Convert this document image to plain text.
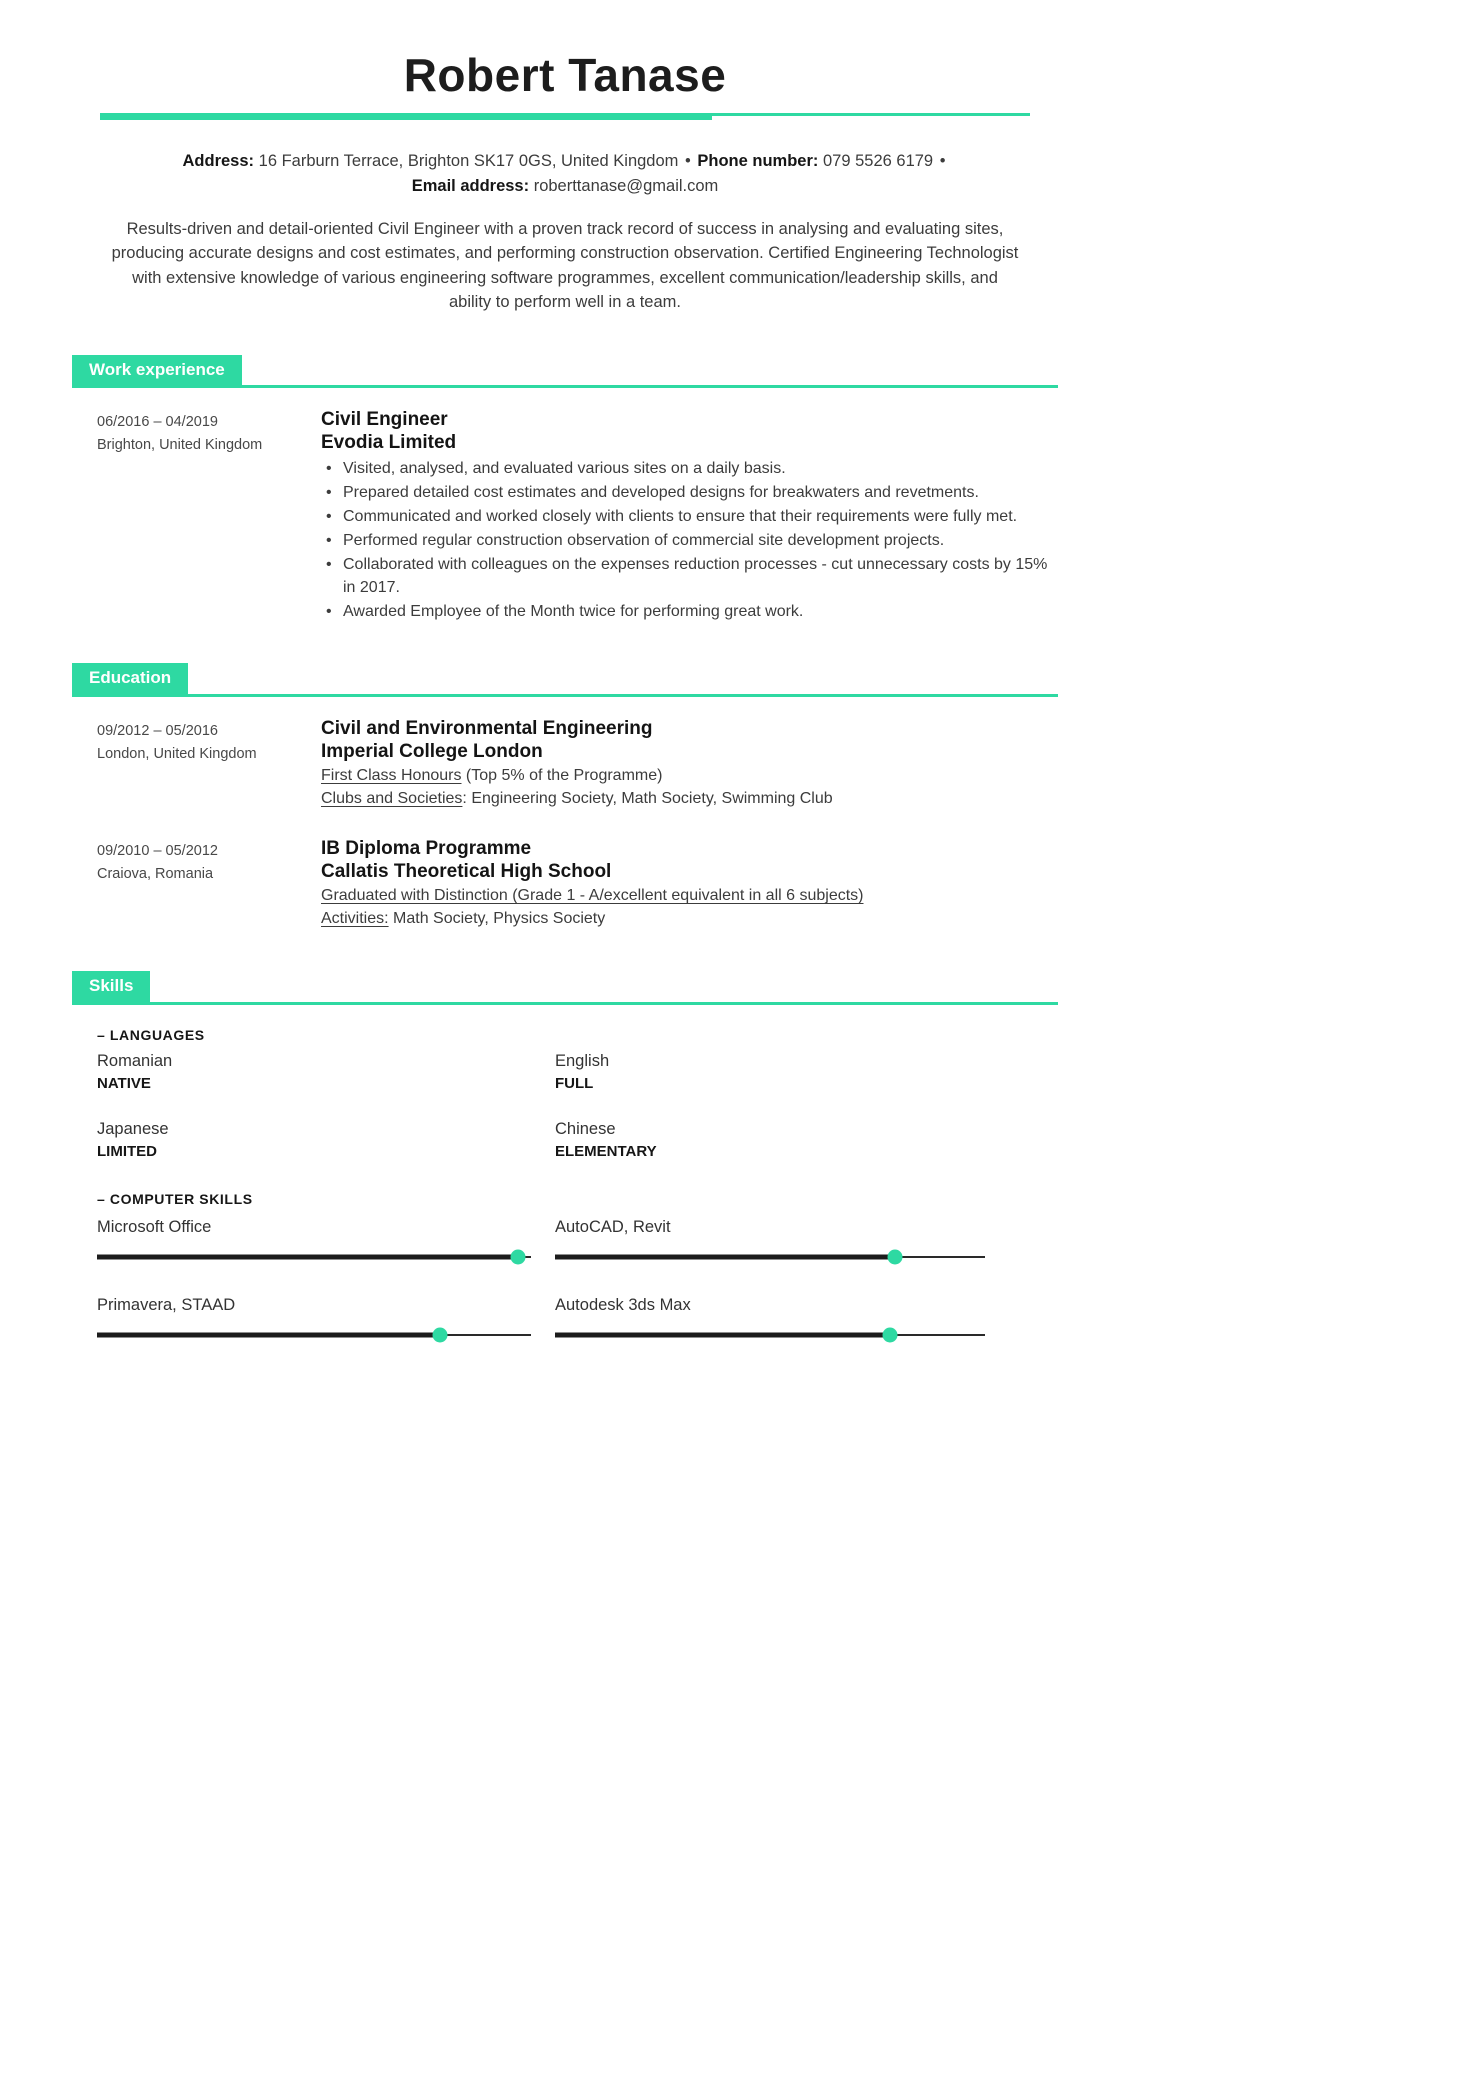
Robert Tanase

Address: 16 Farburn Terrace, Brighton SK17 0GS, United Kingdom • Phone number: 079 5526 6179 •
Email address: roberttanase@gmail.com

Results-driven and detail-oriented Civil Engineer with a proven track record of success in analysing and evaluating sites, producing accurate designs and cost estimates, and performing construction observation. Certified Engineering Technologist with extensive knowledge of various engineering software programmes, excellent communication/leadership skills, and ability to perform well in a team.

Work experience
06/2016 – 04/2019
Brighton, United Kingdom
Civil Engineer
Evodia Limited
• Visited, analysed, and evaluated various sites on a daily basis.
• Prepared detailed cost estimates and developed designs for breakwaters and revetments.
• Communicated and worked closely with clients to ensure that their requirements were fully met.
• Performed regular construction observation of commercial site development projects.
• Collaborated with colleagues on the expenses reduction processes - cut unnecessary costs by 15% in 2017.
• Awarded Employee of the Month twice for performing great work.
Education
09/2012 – 05/2016
London, United Kingdom
Civil and Environmental Engineering
Imperial College London
First Class Honours (Top 5% of the Programme)
Clubs and Societies: Engineering Society, Math Society, Swimming Club
09/2010 – 05/2012
Craiova, Romania
IB Diploma Programme
Callatis Theoretical High School
Graduated with Distinction (Grade 1 - A/excellent equivalent in all 6 subjects)
Activities: Math Society, Physics Society
Skills
– LANGUAGES
Romanian
NATIVE
English
FULL
Japanese
LIMITED
Chinese
ELEMENTARY
– COMPUTER SKILLS
Microsoft Office	AutoCAD, Revit
Primavera, STAAD	Autodesk 3ds Max
